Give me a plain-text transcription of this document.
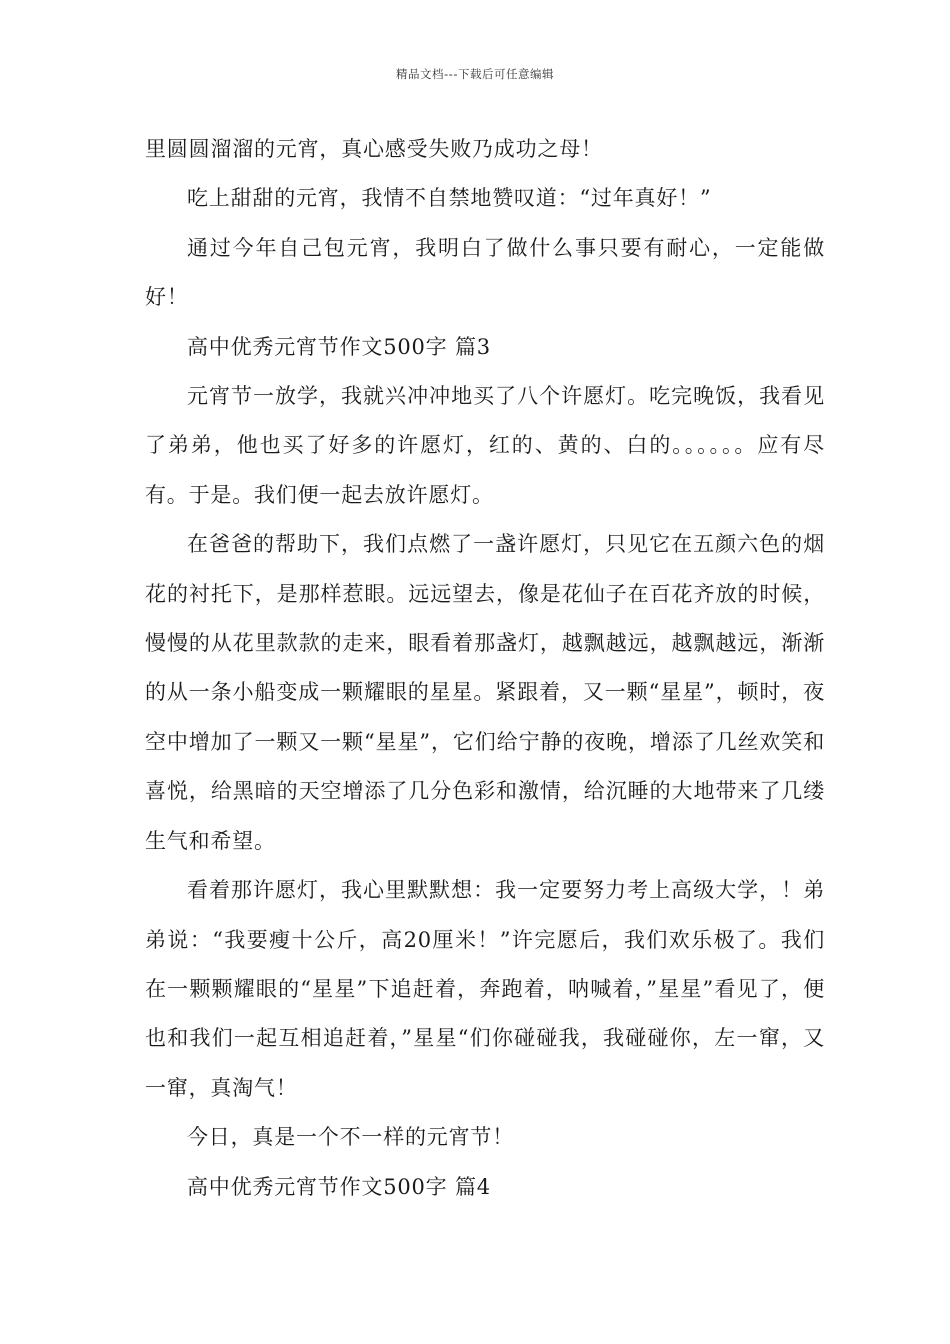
精品文档---下载后可任意编辑

里圆圆溜溜的元宵，真心感受失败乃成功之母！

吃上甜甜的元宵，我情不自禁地赞叹道：“过年真好！”

通过今年自己包元宵，我明白了做什么事只要有耐心，一定能做好！

高中优秀元宵节作文500字 篇3

元宵节一放学，我就兴冲冲地买了八个许愿灯。吃完晚饭，我看见了弟弟，他也买了好多的许愿灯，红的、黄的、白的。。。。。。应有尽有。于是。我们便一起去放许愿灯。

在爸爸的帮助下，我们点燃了一盏许愿灯，只见它在五颜六色的烟花的衬托下，是那样惹眼。远远望去，像是花仙子在百花齐放的时候，慢慢的从花里款款的走来，眼看着那盏灯，越飘越远，越飘越远，渐渐的从一条小船变成一颗耀眼的星星。紧跟着，又一颗“星星”，顿时，夜空中增加了一颗又一颗“星星”，它们给宁静的夜晚，增添了几丝欢笑和喜悦，给黑暗的天空增添了几分色彩和激情，给沉睡的大地带来了几缕生气和希望。

看着那许愿灯，我心里默默想：我一定要努力考上高级大学，！弟弟说：“我要瘦十公斤，高20厘米！”许完愿后，我们欢乐极了。我们在一颗颗耀眼的“星星”下追赶着，奔跑着，呐喊着，”星星”看见了，便也和我们一起互相追赶着，”星星“们你碰碰我，我碰碰你，左一窜，又一窜，真淘气！

今日，真是一个不一样的元宵节！

高中优秀元宵节作文500字 篇4
